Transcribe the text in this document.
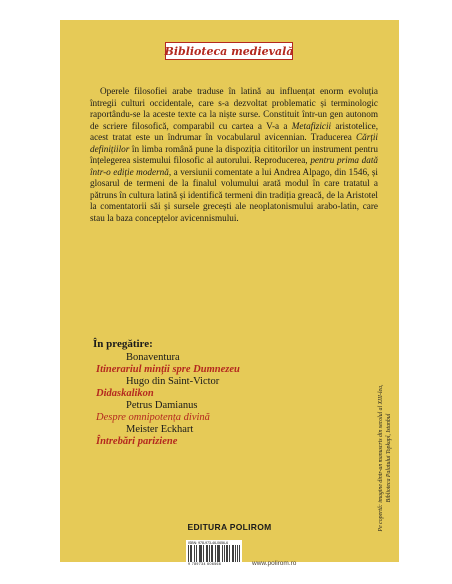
Biblioteca medievală

Operele filosofiei arabe traduse în latină au influențat enorm evoluția întregii culturi occidentale, care s-a dezvoltat problematic și terminologic raportându-se la aceste texte ca la niște surse. Constituit într-un gen autonom de scriere filosofică, comparabil cu cartea a V-a a Metafizicii aristotelice, acest tratat este un îndrumar în vocabularul avicennian. Traducerea Cărții definițiilor în limba română pune la dispoziția cititorilor un instrument pentru înțelegerea sistemului filosofic al autorului. Reproducerea, pentru prima dată într-o ediție modernă, a versiunii comentate a lui Andrea Alpago, din 1546, și glosarul de termeni de la finalul volumului arată modul în care tratatul a pătruns în cultura latină și identifică termeni din tradiția greacă, de la Aristotel la comentatorii săi și sursele grecești ale neoplatonismului arabo-latin, care stau la baza concepțelor avicennismului.

În pregătire:
Bonaventura
Itinerariul minții spre Dumnezeu
Hugo din Saint-Victor
Didaskalikon
Petrus Damianus
Despre omnipotența divină
Meister Eckhart
Întrebări pariziene
EDITURA POLIROM
ISBN: 978-973-46-0656-6
9 789734 606566	www.polirom.ro
Pe copertă: imagine dintr-un manuscris din secolul al XIII-lea, Biblioteca Palatului Topkapî, Istanbul
